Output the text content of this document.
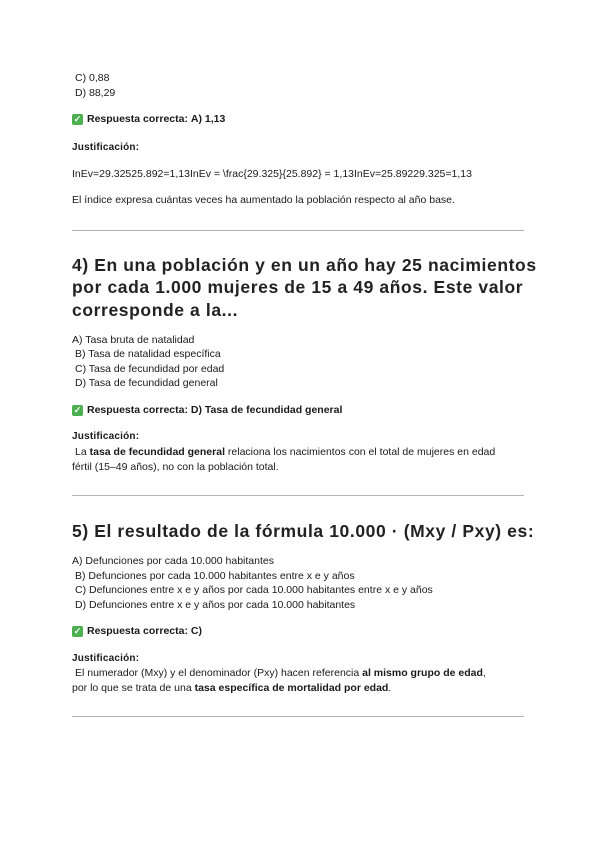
C) 0,88
D) 88,29
✓ Respuesta correcta:
A) 1,13
Justificación:
InEv=29.32525.892=1,13InEv = \frac{29.325}{25.892} = 1,13InEv=25.89229.325=1,13
El índice expresa cuántas veces ha aumentado la población respecto al año base.
4) En una población y en un año hay 25 nacimientos
por cada 1.000 mujeres de 15 a 49 años. Este valor
corresponde a la...
A) Tasa bruta de natalidad
B) Tasa de natalidad específica
C) Tasa de fecundidad por edad
D) Tasa de fecundidad general
✓ Respuesta correcta:
D) Tasa de fecundidad general
Justificación:
La tasa de fecundidad general relaciona los nacimientos con el total de mujeres en edad
fértil (15–49 años), no con la población total.
5) El resultado de la fórmula 10.000 · (Mxy / Pxy) es:
A) Defunciones por cada 10.000 habitantes
B) Defunciones por cada 10.000 habitantes entre x e y años
C) Defunciones entre x e y años por cada 10.000 habitantes entre x e y años
D) Defunciones entre x e y años por cada 10.000 habitantes
✓ Respuesta correcta:
C)
Justificación:
El numerador (Mxy) y el denominador (Pxy) hacen referencia al mismo grupo de edad,
por lo que se trata de una tasa específica de mortalidad por edad.
